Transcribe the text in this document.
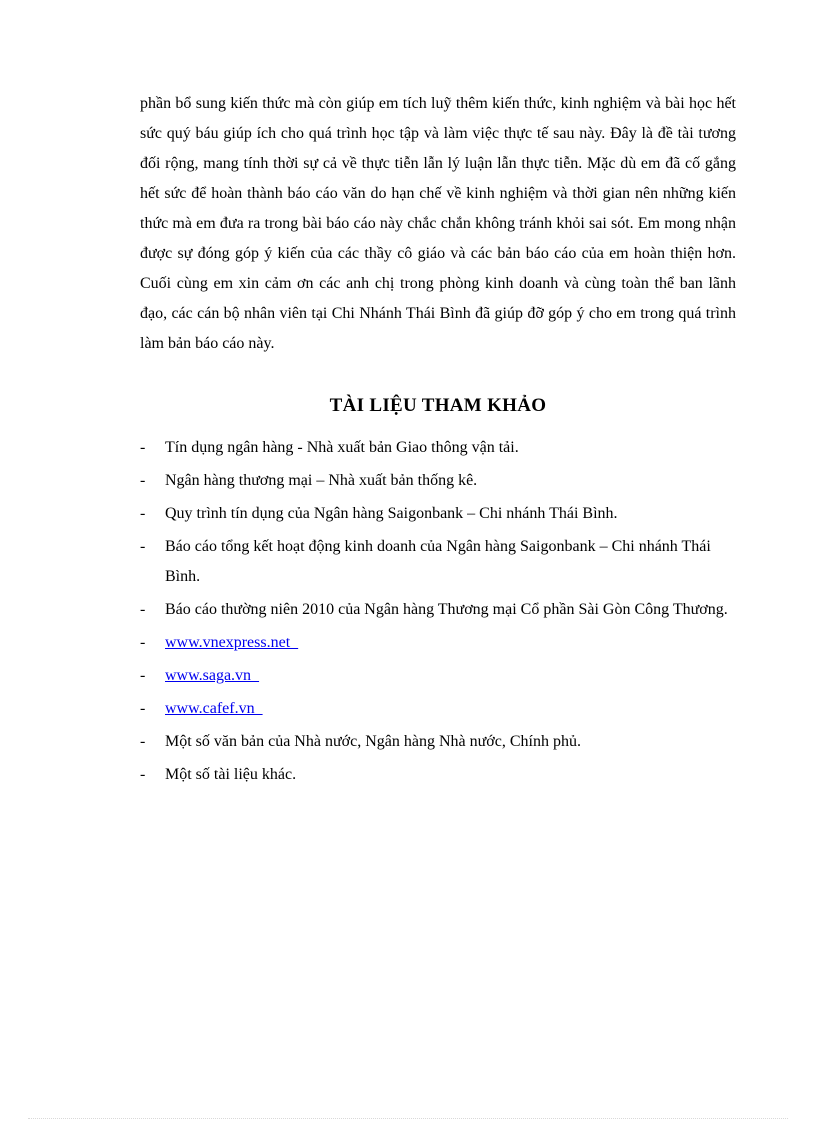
phần bổ sung kiến thức mà còn giúp em tích luỹ thêm kiến thức, kinh nghiệm và bài học hết sức quý báu giúp ích cho quá trình học tập và làm việc thực tế sau này. Đây là đề tài tương đối rộng, mang tính thời sự cả về thực tiễn lẫn lý luận lẫn thực tiễn. Mặc dù em đã cố gắng hết sức để hoàn thành báo cáo văn do hạn chế về kinh nghiệm và thời gian nên những kiến thức mà em đưa ra trong bài báo cáo này chắc chắn không tránh khỏi sai sót. Em mong nhận được sự đóng góp ý kiến của các thầy cô giáo và các bản báo cáo của em hoàn thiện hơn. Cuối cùng em xin cảm ơn các anh chị trong phòng kinh doanh và cùng toàn thể ban lãnh đạo, các cán bộ nhân viên tại Chi Nhánh Thái Bình đã giúp đỡ góp ý cho em trong quá trình làm bản báo cáo này.

TÀI LIỆU THAM KHẢO
-	Tín dụng ngân hàng - Nhà xuất bản Giao thông vận tải.
-	Ngân hàng thương mại – Nhà xuất bản thống kê.
-	Quy trình tín dụng của Ngân hàng Saigonbank – Chi nhánh Thái Bình.
-	Báo cáo tổng kết hoạt động kinh doanh của Ngân hàng Saigonbank – Chi nhánh Thái Bình.
-	Báo cáo thường niên 2010 của Ngân hàng Thương mại Cổ phần Sài Gòn Công Thương.
-	www.vnexpress.net
-	www.saga.vn
-	www.cafef.vn
-	Một số văn bản của Nhà nước, Ngân hàng Nhà nước, Chính phủ.
-	Một số tài liệu khác.
